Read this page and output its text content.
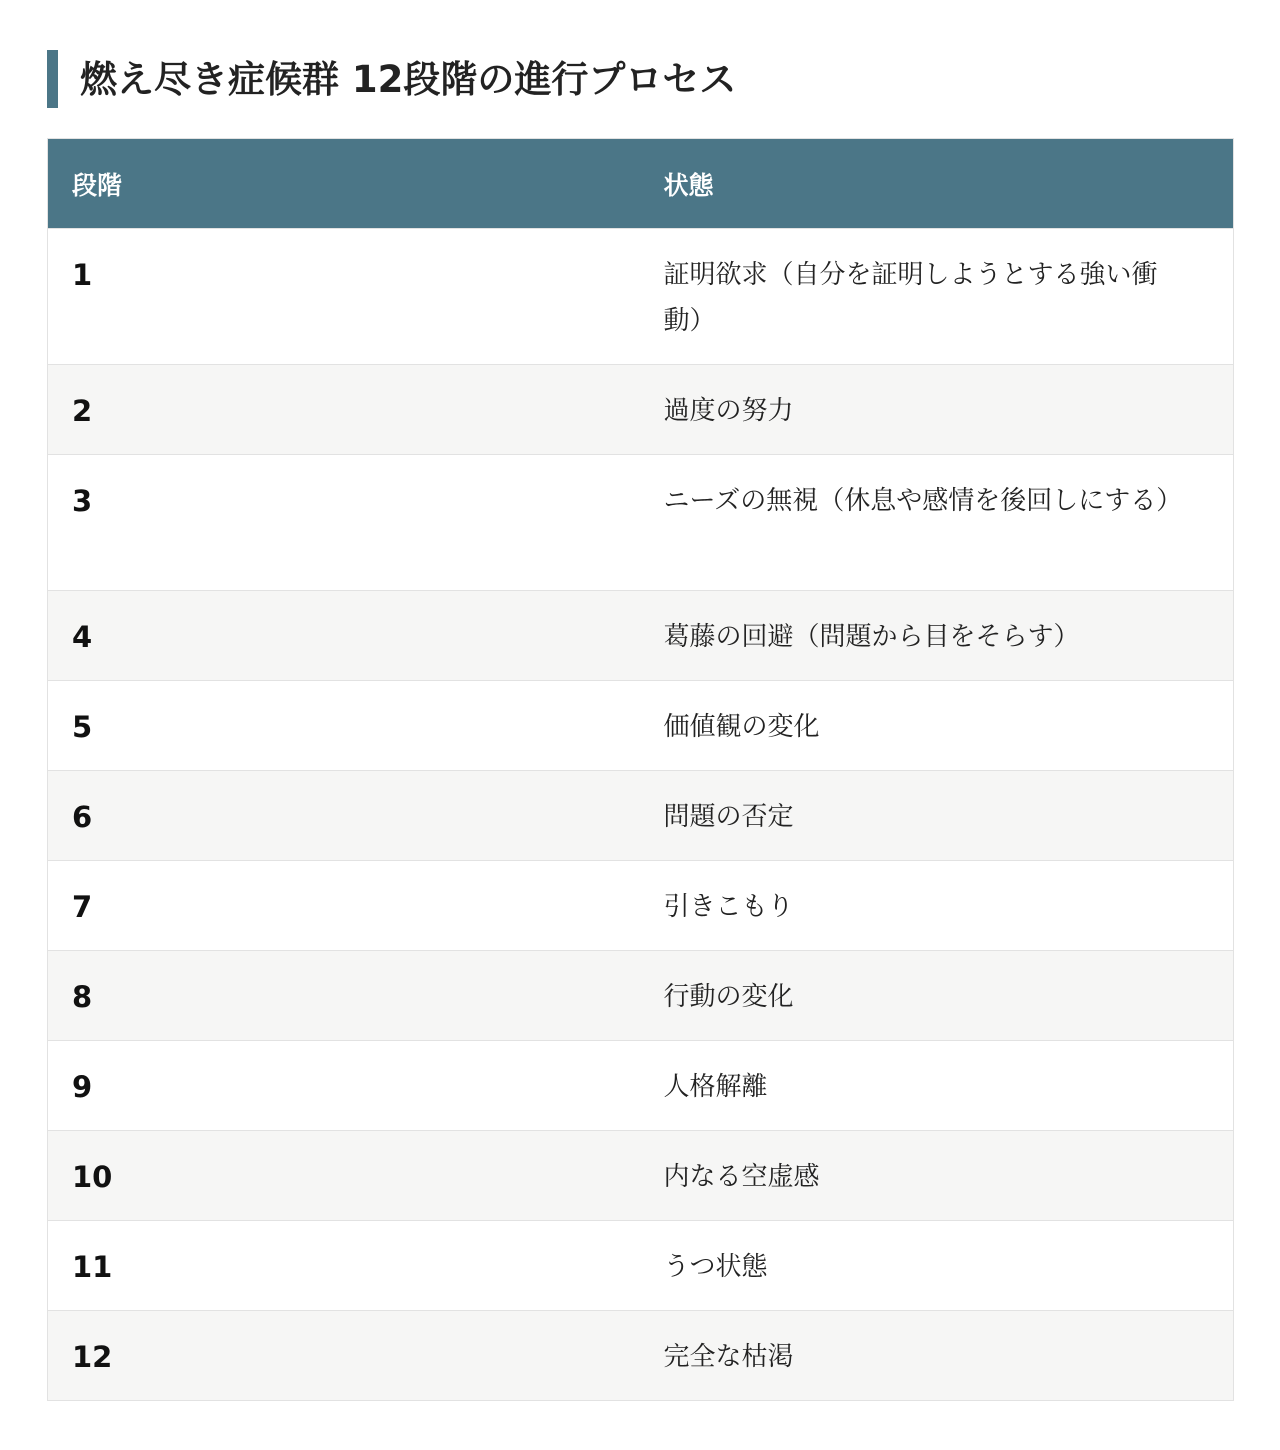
燃え尽き症候群 12段階の進行プロセス
段階	状態
1	証明欲求（自分を証明しようとする強い衝動）
2	過度の努力
3	ニーズの無視（休息や感情を後回しにする）
4	葛藤の回避（問題から目をそらす）
5	価値観の変化
6	問題の否定
7	引きこもり
8	行動の変化
9	人格解離
10	内なる空虚感
11	うつ状態
12	完全な枯渇
